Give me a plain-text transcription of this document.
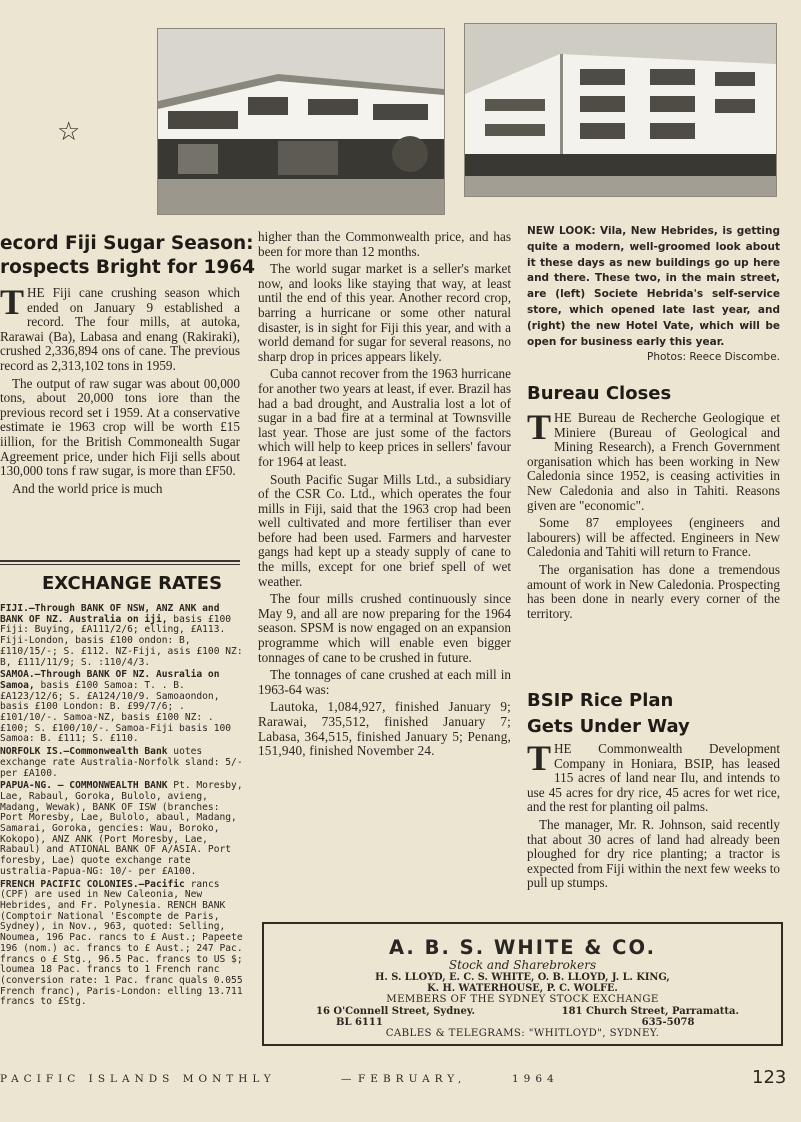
☆
ecord Fiji Sugar Season:
rospects Bright for 1964

THE Fiji cane crushing season which ended on January 9 established a record. The four mills, at autoka, Rarawai (Ba), Labasa and enang (Rakiraki), crushed 2,336,894 ons of cane. The previous record as 2,313,102 tons in 1959.

The output of raw sugar was about 00,000 tons, about 20,000 tons iore than the previous record set i 1959. At a conservative estimate ie 1963 crop will be worth £15 iillion, for the British Commonealth Sugar Agreement price, under hich Fiji sells about 130,000 tons f raw sugar, is more than £F50.

And the world price is much

higher than the Commonwealth price, and has been for more than 12 months.

The world sugar market is a seller's market now, and looks like staying that way, at least until the end of this year. Another record crop, barring a hurricane or some other natural disaster, is in sight for Fiji this year, and with a world demand for sugar for several reasons, no sharp drop in prices appears likely.

Cuba cannot recover from the 1963 hurricane for another two years at least, if ever. Brazil has had a bad drought, and Australia lost a lot of sugar in a bad fire at a terminal at Townsville last year. Those are just some of the factors which will help to keep prices in sellers' favour for 1964 at least.

South Pacific Sugar Mills Ltd., a subsidiary of the CSR Co. Ltd., which operates the four mills in Fiji, said that the 1963 crop had been well cultivated and more fertiliser than ever before had been used. Farmers and harvester gangs had kept up a steady supply of cane to the mills, except for one brief spell of wet weather.

The four mills crushed continuously since May 9, and all are now preparing for the 1964 season. SPSM is now engaged on an expansion programme which will enable even bigger tonnages of cane to be crushed in future.

The tonnages of cane crushed at each mill in 1963-64 was:

Lautoka, 1,084,927, finished January 9; Rarawai, 735,512, finished January 7; Labasa, 364,515, finished January 5; Penang, 151,940, finished November 24.

EXCHANGE RATES

FIJI.—Through BANK OF NSW, ANZ ANK and BANK OF NZ. Australia on iji, basis £100 Fiji: Buying, £A111/2/6; elling, £A113. Fiji-London, basis £100 ondon: B, £110/15/-; S. £112. NZ-Fiji, asis £100 NZ: B, £111/11/9; S. :110/4/3.

SAMOA.—Through BANK OF NZ. Ausralia on Samoa, basis £100 Samoa: T. . B. £A123/12/6; S. £A124/10/9. Samoaondon, basis £100 London: B. £99/7/6; . £101/10/-. Samoa-NZ, basis £100 NZ: . £100; S. £100/10/-. Samoa-Fiji basis 100 Samoa: B. £111; S. £110.

NORFOLK IS.—Commonwealth Bank uotes exchange rate Australia-Norfolk sland: 5/- per £A100.

PAPUA-NG. — COMMONWEALTH BANK Pt. Moresby, Lae, Rabaul, Goroka, Bulolo, avieng, Madang, Wewak), BANK OF ISW (branches: Port Moresby, Lae, Bulolo, abaul, Madang, Samarai, Goroka, gencies: Wau, Boroko, Kokopo), ANZ ANK (Port Moresby, Lae, Rabaul) and ATIONAL BANK OF A/ASIA. Port foresby, Lae) quote exchange rate ustralia-Papua-NG: 10/- per £A100.

FRENCH PACIFIC COLONIES.—Pacific rancs (CPF) are used in New Caleonia, New Hebrides, and Fr. Polynesia. RENCH BANK (Comptoir National 'Escompte de Paris, Sydney), in Nov., 963, quoted: Selling, Noumea, 196 Pac. rancs to £ Aust.; Papeete 196 (nom.) ac. francs to £ Aust.; 247 Pac. francs o £ Stg., 96.5 Pac. francs to US $; loumea 18 Pac. francs to 1 French ranc (conversion rate: 1 Pac. franc quals 0.055 French franc), Paris-London: elling 13.711 francs to £Stg.

NEW LOOK: Vila, New Hebrides, is getting quite a modern, well-groomed look about it these days as new buildings go up here and there. These two, in the main street, are (left) Societe Hebrida's self-service store, which opened late last year, and (right) the new Hotel Vate, which will be open for business early this year.
Photos: Reece Discombe.
Bureau Closes

THE Bureau de Recherche Geologique et Miniere (Bureau of Geological and Mining Research), a French Government organisation which has been working in New Caledonia since 1952, is ceasing activities in New Caledonia and also in Tahiti. Reasons given are "economic".

Some 87 employees (engineers and labourers) will be affected. Engineers in New Caledonia and Tahiti will return to France.

The organisation has done a tremendous amount of work in New Caledonia. Prospecting has been done in nearly every corner of the territory.

BSIP Rice Plan
Gets Under Way

THE Commonwealth Development Company in Honiara, BSIP, has leased 115 acres of land near Ilu, and intends to use 45 acres for dry rice, 45 acres for wet rice, and the rest for planting oil palms.

The manager, Mr. R. Johnson, said recently that about 30 acres of land had already been ploughed for dry rice planting; a tractor is expected from Fiji within the next few weeks to pull up stumps.

A. B. S. WHITE & CO.
Stock and Sharebrokers
H. S. LLOYD, E. C. S. WHITE, O. B. LLOYD, J. L. KING,
K. H. WATERHOUSE, P. C. WOLFE.
MEMBERS OF THE SYDNEY STOCK EXCHANGE
16 O'Connell Street, Sydney.
BL 6111
181 Church Street, Parramatta.
635-5078
CABLES & TELEGRAMS: "WHITLOYD", SYDNEY.
PACIFIC ISLANDS MONTHLY	— FEBRUARY,	1964	123
